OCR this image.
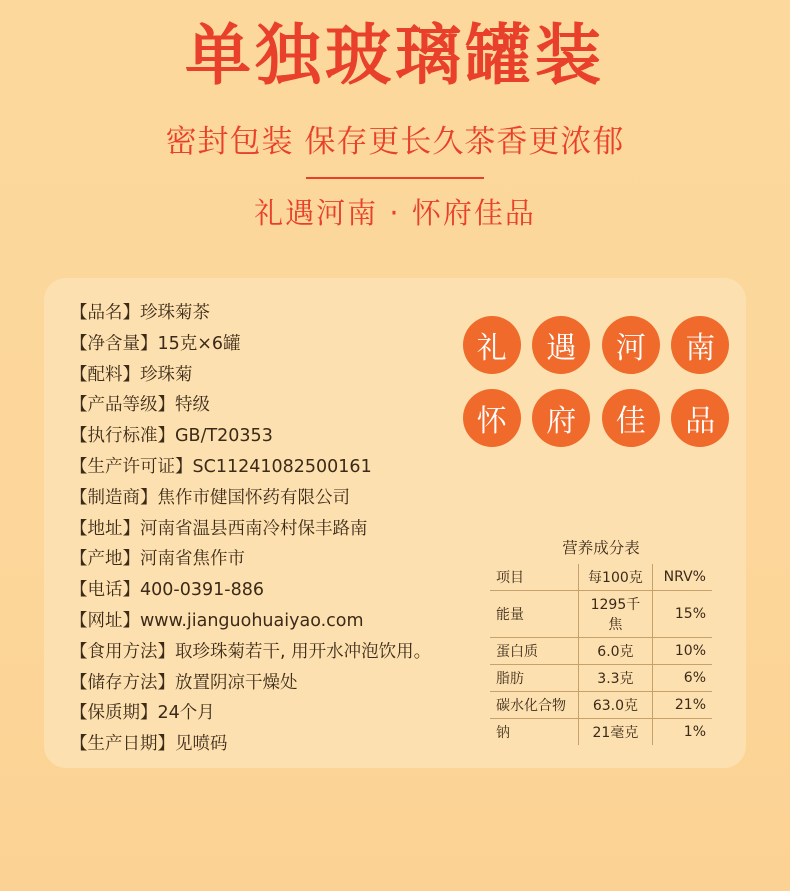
单独玻璃罐装
密封包装 保存更长久茶香更浓郁
礼遇河南 · 怀府佳品
【品名】珍珠菊茶
【净含量】15克×6罐
【配料】珍珠菊
【产品等级】特级
【执行标准】GB/T20353
【生产许可证】SC11241082500161
【制造商】焦作市健国怀药有限公司
【地址】河南省温县西南冷村保丰路南
【产地】河南省焦作市
【电话】400-0391-886
【网址】www.jianguohuaiyao.com
【食用方法】取珍珠菊若干, 用开水冲泡饮用。
【储存方法】放置阴凉干燥处
【保质期】24个月
【生产日期】见喷码
礼	遇	河	南
怀	府	佳	品
营养成分表
项目	每100克	NRV%
能量	1295千焦	15%
蛋白质	6.0克	10%
脂肪	3.3克	6%
碳水化合物	63.0克	21%
钠	21毫克	1%
